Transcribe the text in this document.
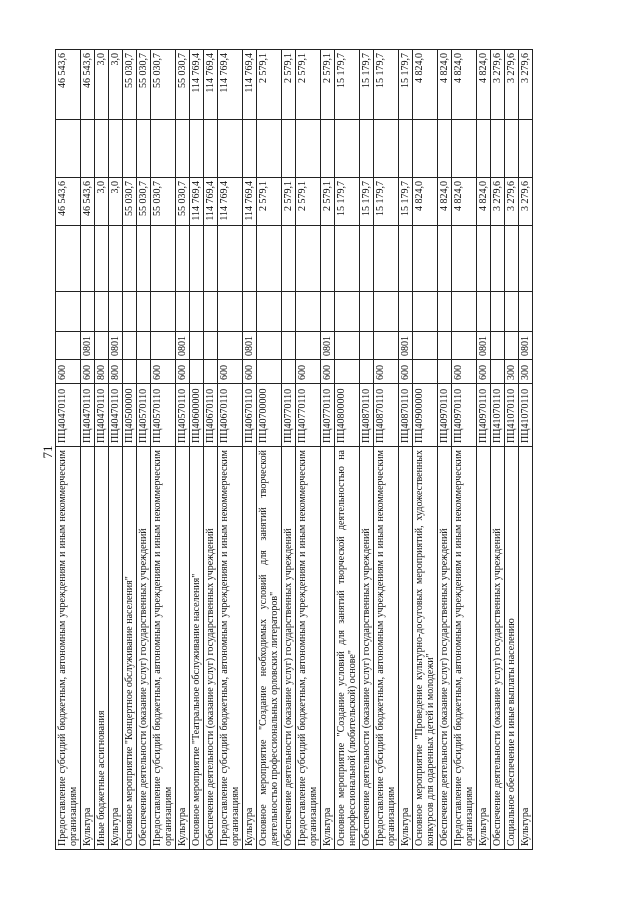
71 Предоставление субсидий бюджетным, автономным учреждениям и иным некоммерческим организациям	ПЦ40470110	600				46 543,6		46 543,6
Культура	ПЦ40470110	600	0801			46 543,6		46 543,6
Иные бюджетные ассигнования	ПЦ40470110	800				3,0		3,0
Культура	ПЦ40470110	800	0801			3,0		3,0
Основное мероприятие "Концертное обслуживание населения"	ПЦ40500000					55 030,7		55 030,7
Обеспечение деятельности (оказание услуг) государственных учреждений	ПЦ40570110					55 030,7		55 030,7
Предоставление субсидий бюджетным, автономным учреждениям и иным некоммерческим организациям	ПЦ40570110	600				55 030,7		55 030,7
Культура	ПЦ40570110	600	0801			55 030,7		55 030,7
Основное мероприятие "Театральное обслуживание населения"	ПЦ40600000					114 769,4		114 769,4
Обеспечение деятельности (оказание услуг) государственных учреждений	ПЦ40670110					114 769,4		114 769,4
Предоставление субсидий бюджетным, автономным учреждениям и иным некоммерческим организациям	ПЦ40670110	600				114 769,4		114 769,4
Культура	ПЦ40670110	600	0801			114 769,4		114 769,4
Основное мероприятие "Создание необходимых условий для занятий творческой деятельностью профессиональных орловских литераторов"	ПЦ40700000					2 579,1		2 579,1
Обеспечение деятельности (оказание услуг) государственных учреждений	ПЦ40770110					2 579,1		2 579,1
Предоставление субсидий бюджетным, автономным учреждениям и иным некоммерческим организациям	ПЦ40770110	600				2 579,1		2 579,1
Культура	ПЦ40770110	600	0801			2 579,1		2 579,1
Основное мероприятие "Создание условий для занятий творческой деятельностью на непрофессиональной (любительской) основе"	ПЦ40800000					15 179,7		15 179,7
Обеспечение деятельности (оказание услуг) государственных учреждений	ПЦ40870110					15 179,7		15 179,7
Предоставление субсидий бюджетным, автономным учреждениям и иным некоммерческим организациям	ПЦ40870110	600				15 179,7		15 179,7
Культура	ПЦ40870110	600	0801			15 179,7		15 179,7
Основное мероприятие "Проведение культурно-досуговых мероприятий, художественных конкурсов для одаренных детей и молодежи"	ПЦ40900000					4 824,0		4 824,0
Обеспечение деятельности (оказание услуг) государственных учреждений	ПЦ40970110					4 824,0		4 824,0
Предоставление субсидий бюджетным, автономным учреждениям и иным некоммерческим организациям	ПЦ40970110	600				4 824,0		4 824,0
Культура	ПЦ40970110	600	0801			4 824,0		4 824,0
Обеспечение деятельности (оказание услуг) государственных учреждений	ПЦ41070110					3 279,6		3 279,6
Социальное обеспечение и иные выплаты населению	ПЦ41070110	300				3 279,6		3 279,6
Культура	ПЦ41070110	300	0801			3 279,6		3 279,6
